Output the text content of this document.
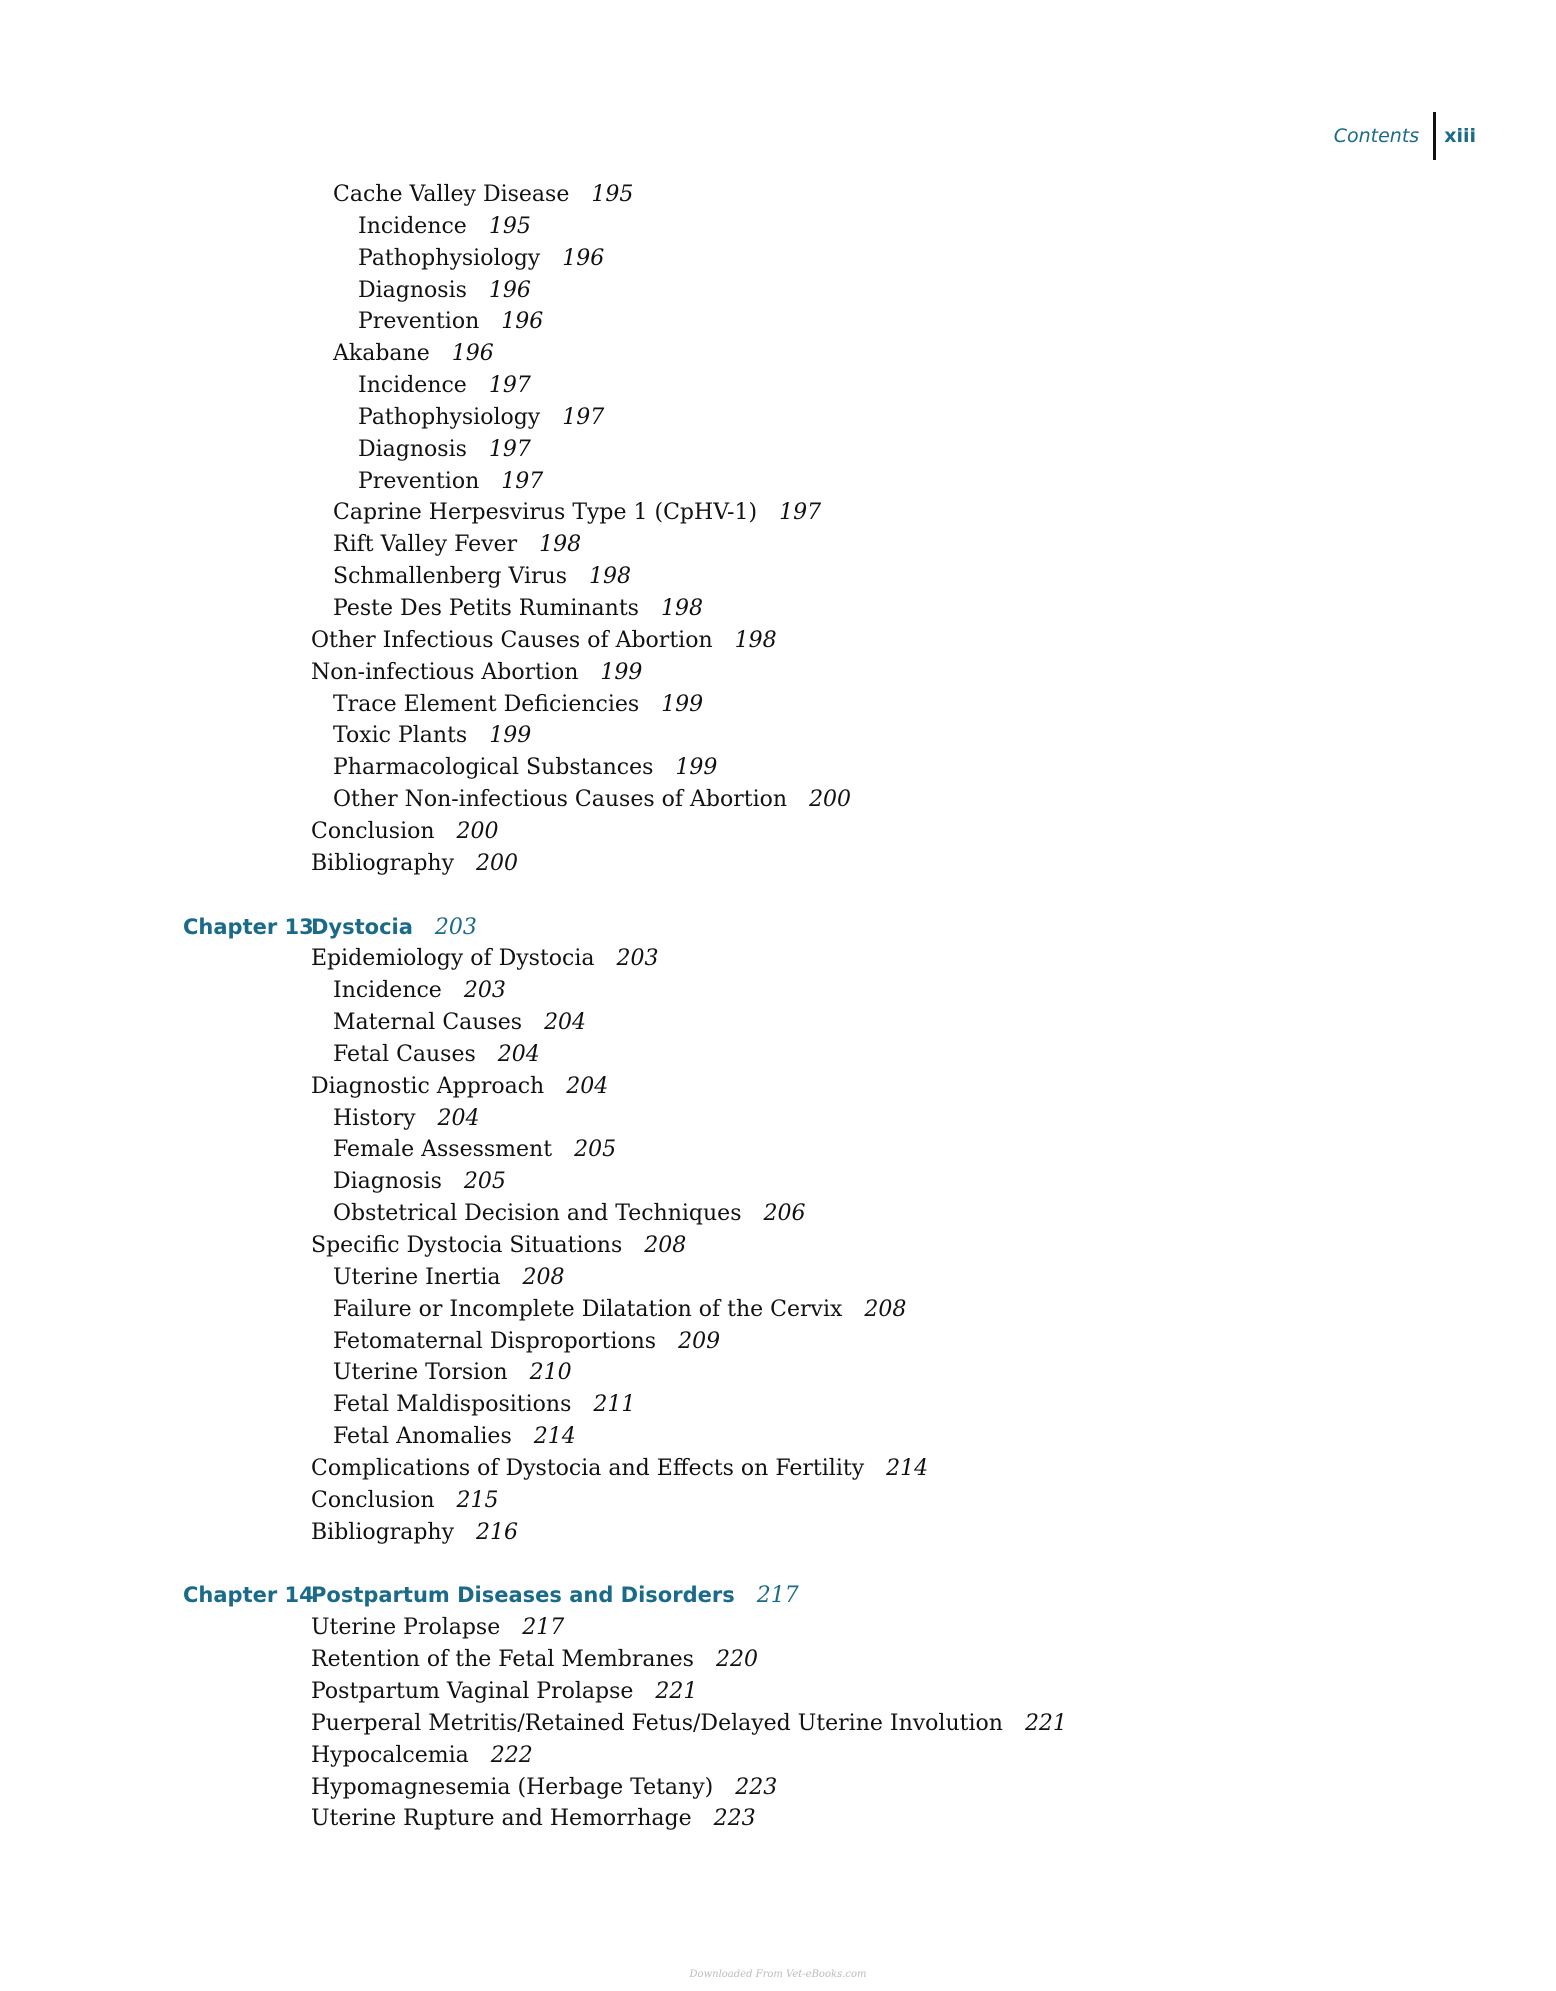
Contents	xiii
Cache Valley Disease 195
Incidence 195
Pathophysiology 196
Diagnosis 196
Prevention 196
Akabane 196
Incidence 197
Pathophysiology 197
Diagnosis 197
Prevention 197
Caprine Herpesvirus Type 1 (CpHV-1) 197
Rift Valley Fever 198
Schmallenberg Virus 198
Peste Des Petits Ruminants 198
Other Infectious Causes of Abortion 198
Non-infectious Abortion 199
Trace Element Deficiencies 199
Toxic Plants 199
Pharmacological Substances 199
Other Non-infectious Causes of Abortion 200
Conclusion 200
Bibliography 200
Chapter 13
Dystocia 203
Epidemiology of Dystocia 203
Incidence 203
Maternal Causes 204
Fetal Causes 204
Diagnostic Approach 204
History 204
Female Assessment 205
Diagnosis 205
Obstetrical Decision and Techniques 206
Specific Dystocia Situations 208
Uterine Inertia 208
Failure or Incomplete Dilatation of the Cervix 208
Fetomaternal Disproportions 209
Uterine Torsion 210
Fetal Maldispositions 211
Fetal Anomalies 214
Complications of Dystocia and Effects on Fertility 214
Conclusion 215
Bibliography 216
Chapter 14
Postpartum Diseases and Disorders 217
Uterine Prolapse 217
Retention of the Fetal Membranes 220
Postpartum Vaginal Prolapse 221
Puerperal Metritis/Retained Fetus/Delayed Uterine Involution 221
Hypocalcemia 222
Hypomagnesemia (Herbage Tetany) 223
Uterine Rupture and Hemorrhage 223
Downloaded From Vet-eBooks.com
